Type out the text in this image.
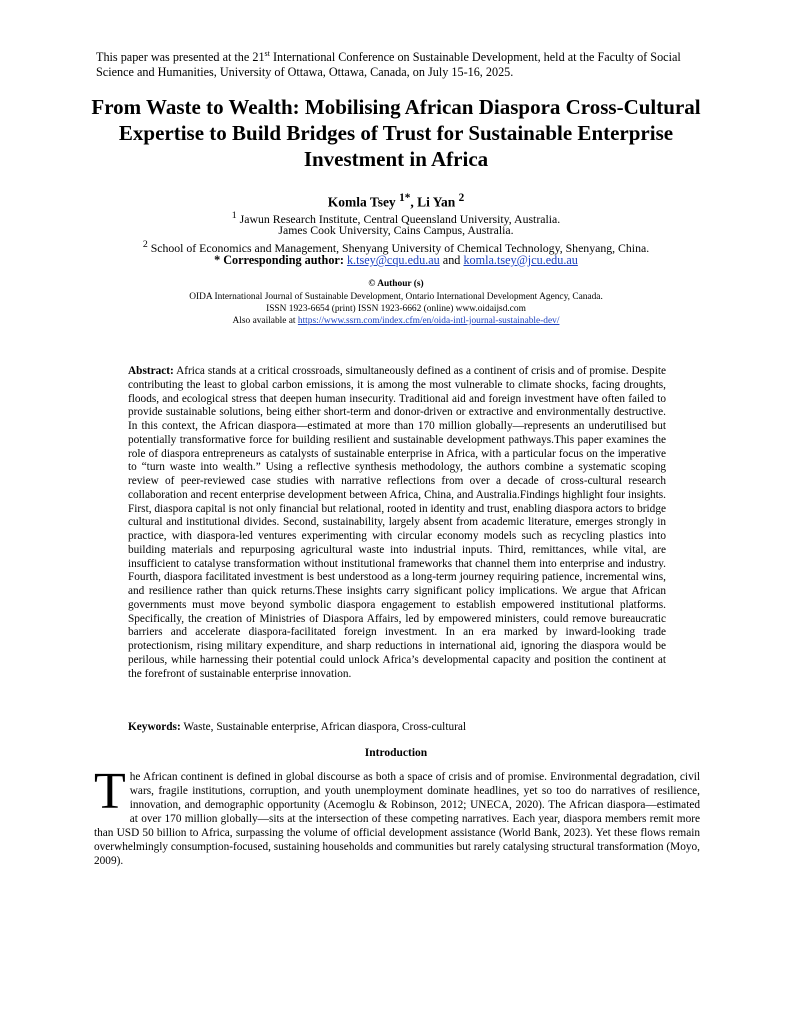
This paper was presented at the 21st International Conference on Sustainable Development, held at the Faculty of Social Science and Humanities, University of Ottawa, Ottawa, Canada, on July 15-16, 2025.
From Waste to Wealth: Mobilising African Diaspora Cross-Cultural Expertise to Build Bridges of Trust for Sustainable Enterprise Investment in Africa
Komla Tsey $^{1*}$, Li Yan $^2$
$^1$ Jawun Research Institute, Central Queensland University, Australia.
James Cook University, Cains Campus, Australia.
$^2$ School of Economics and Management, Shenyang University of Chemical Technology, Shenyang, China.
* Corresponding author: k.tsey@cqu.edu.au and komla.tsey@jcu.edu.au
© Authour (s)
OIDA International Journal of Sustainable Development, Ontario International Development Agency, Canada.
ISSN 1923-6654 (print) ISSN 1923-6662 (online) www.oidaijsd.com
Also available at https://www.ssrn.com/index.cfm/en/oida-intl-journal-sustainable-dev/
Abstract: Africa stands at a critical crossroads, simultaneously defined as a continent of crisis and of promise. Despite contributing the least to global carbon emissions, it is among the most vulnerable to climate shocks, facing droughts, floods, and ecological stress that deepen human insecurity. Traditional aid and foreign investment have often failed to provide sustainable solutions, being either short-term and donor-driven or extractive and environmentally destructive. In this context, the African diaspora—estimated at more than 170 million globally—represents an underutilised but potentially transformative force for building resilient and sustainable development pathways.This paper examines the role of diaspora entrepreneurs as catalysts of sustainable enterprise in Africa, with a particular focus on the imperative to “turn waste into wealth.” Using a reflective synthesis methodology, the authors combine a systematic scoping review of peer-reviewed case studies with narrative reflections from over a decade of cross-cultural research collaboration and recent enterprise development between Africa, China, and Australia.Findings highlight four insights. First, diaspora capital is not only financial but relational, rooted in identity and trust, enabling diaspora actors to bridge cultural and institutional divides. Second, sustainability, largely absent from academic literature, emerges strongly in practice, with diaspora-led ventures experimenting with circular economy models such as recycling plastics into building materials and repurposing agricultural waste into industrial inputs. Third, remittances, while vital, are insufficient to catalyse transformation without institutional frameworks that channel them into enterprise and industry. Fourth, diaspora facilitated investment is best understood as a long-term journey requiring patience, incremental wins, and resilience rather than quick returns.These insights carry significant policy implications. We argue that African governments must move beyond symbolic diaspora engagement to establish empowered institutional platforms. Specifically, the creation of Ministries of Diaspora Affairs, led by empowered ministers, could remove bureaucratic barriers and accelerate diaspora-facilitated foreign investment. In an era marked by inward-looking trade protectionism, rising military expenditure, and sharp reductions in international aid, ignoring the diaspora would be perilous, while harnessing their potential could unlock Africa’s developmental capacity and position the continent at the forefront of sustainable enterprise innovation.
Keywords: Waste, Sustainable enterprise, African diaspora, Cross-cultural
Introduction
The African continent is defined in global discourse as both a space of crisis and of promise. Environmental degradation, civil wars, fragile institutions, corruption, and youth unemployment dominate headlines, yet so too do narratives of resilience, innovation, and demographic opportunity (Acemoglu & Robinson, 2012; UNECA, 2020). The African diaspora—estimated at over 170 million globally—sits at the intersection of these competing narratives. Each year, diaspora members remit more than USD 50 billion to Africa, surpassing the volume of official development assistance (World Bank, 2023). Yet these flows remain overwhelmingly consumption-focused, sustaining households and communities but rarely catalysing structural transformation (Moyo, 2009).
